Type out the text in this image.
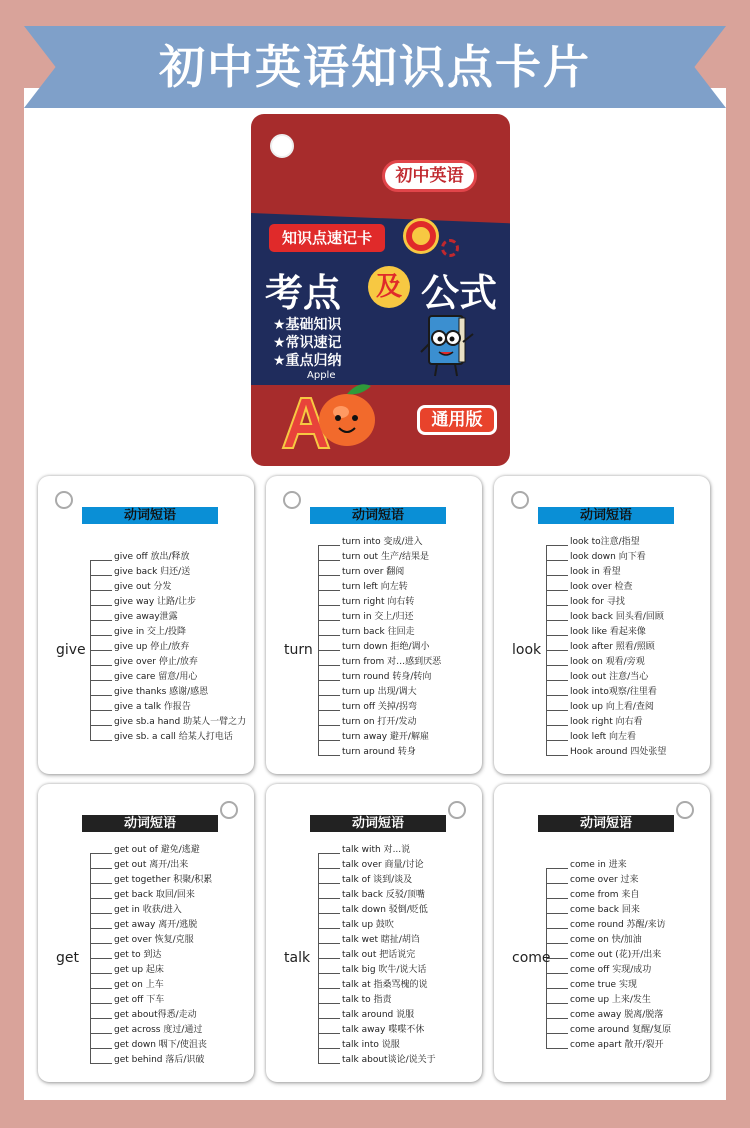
初中英语知识点卡片
初中英语
知识点速记卡
考点	及 公式
★基础知识
★常识速记
★重点归纳
Apple
通用版
动词短语
give off 放出/释放
give back 归还/送
give out 分发
give way 让路/让步
give away泄露
give in 交上/投降
give up 停止/放弃
give over 停止/放弃
give care 留意/用心
give thanks 感谢/感恩
give a talk 作报告
give sb.a hand 助某人一臂之力
give sb. a call 给某人打电话
give
动词短语
turn into 变成/进入
turn out 生产/结果是
turn over 翻阅
turn left 向左转
turn right 向右转
turn in 交上/归还
turn back 往回走
turn down 拒绝/调小
turn from 对…感到厌恶
turn round 转身/转向
turn up 出现/调大
turn off 关掉/拐弯
turn on 打开/发动
turn away 避开/解雇
turn around 转身
turn
动词短语
look to注意/指望
look down 向下看
look in 看望
look over 检查
look for 寻找
look back 回头看/回顾
look like 看起来像
look after 照看/照顾
look on 观看/旁观
look out 注意/当心
look into观察/往里看
look up 向上看/查阅
look right 向右看
look left 向左看
Hook around 四处张望
look
动词短语
get out of 避免/逃避
get out 离开/出来
get together 积聚/积累
get back 取回/回来
get in 收获/进入
get away 离开/逃脱
get over 恢复/克服
get to 到达
get up 起床
get on 上车
get off 下车
get about得悉/走动
get across 度过/通过
get down 咽下/使沮丧
get behind 落后/识破
get
动词短语
talk with 对...说
talk over 商量/讨论
talk of 谈到/谈及
talk back 反驳/顶嘴
talk down 驳倒/贬低
talk up 鼓吹
talk wet 瞎扯/胡诌
talk out 把话说完
talk big 吹牛/说大话
talk at 指桑骂槐的说
talk to 指责
talk around 说服
talk away 喋喋不休
talk into 说服
talk about谈论/说关于
talk
动词短语
come in 进来
come over 过来
come from 来自
come back 回来
come round 苏醒/来访
come on 快/加油
come out (花)开/出来
come off 实现/成功
come true 实现
come up 上来/发生
come away 脱离/脱落
come around 复醒/复原
come apart 散开/裂开
come
